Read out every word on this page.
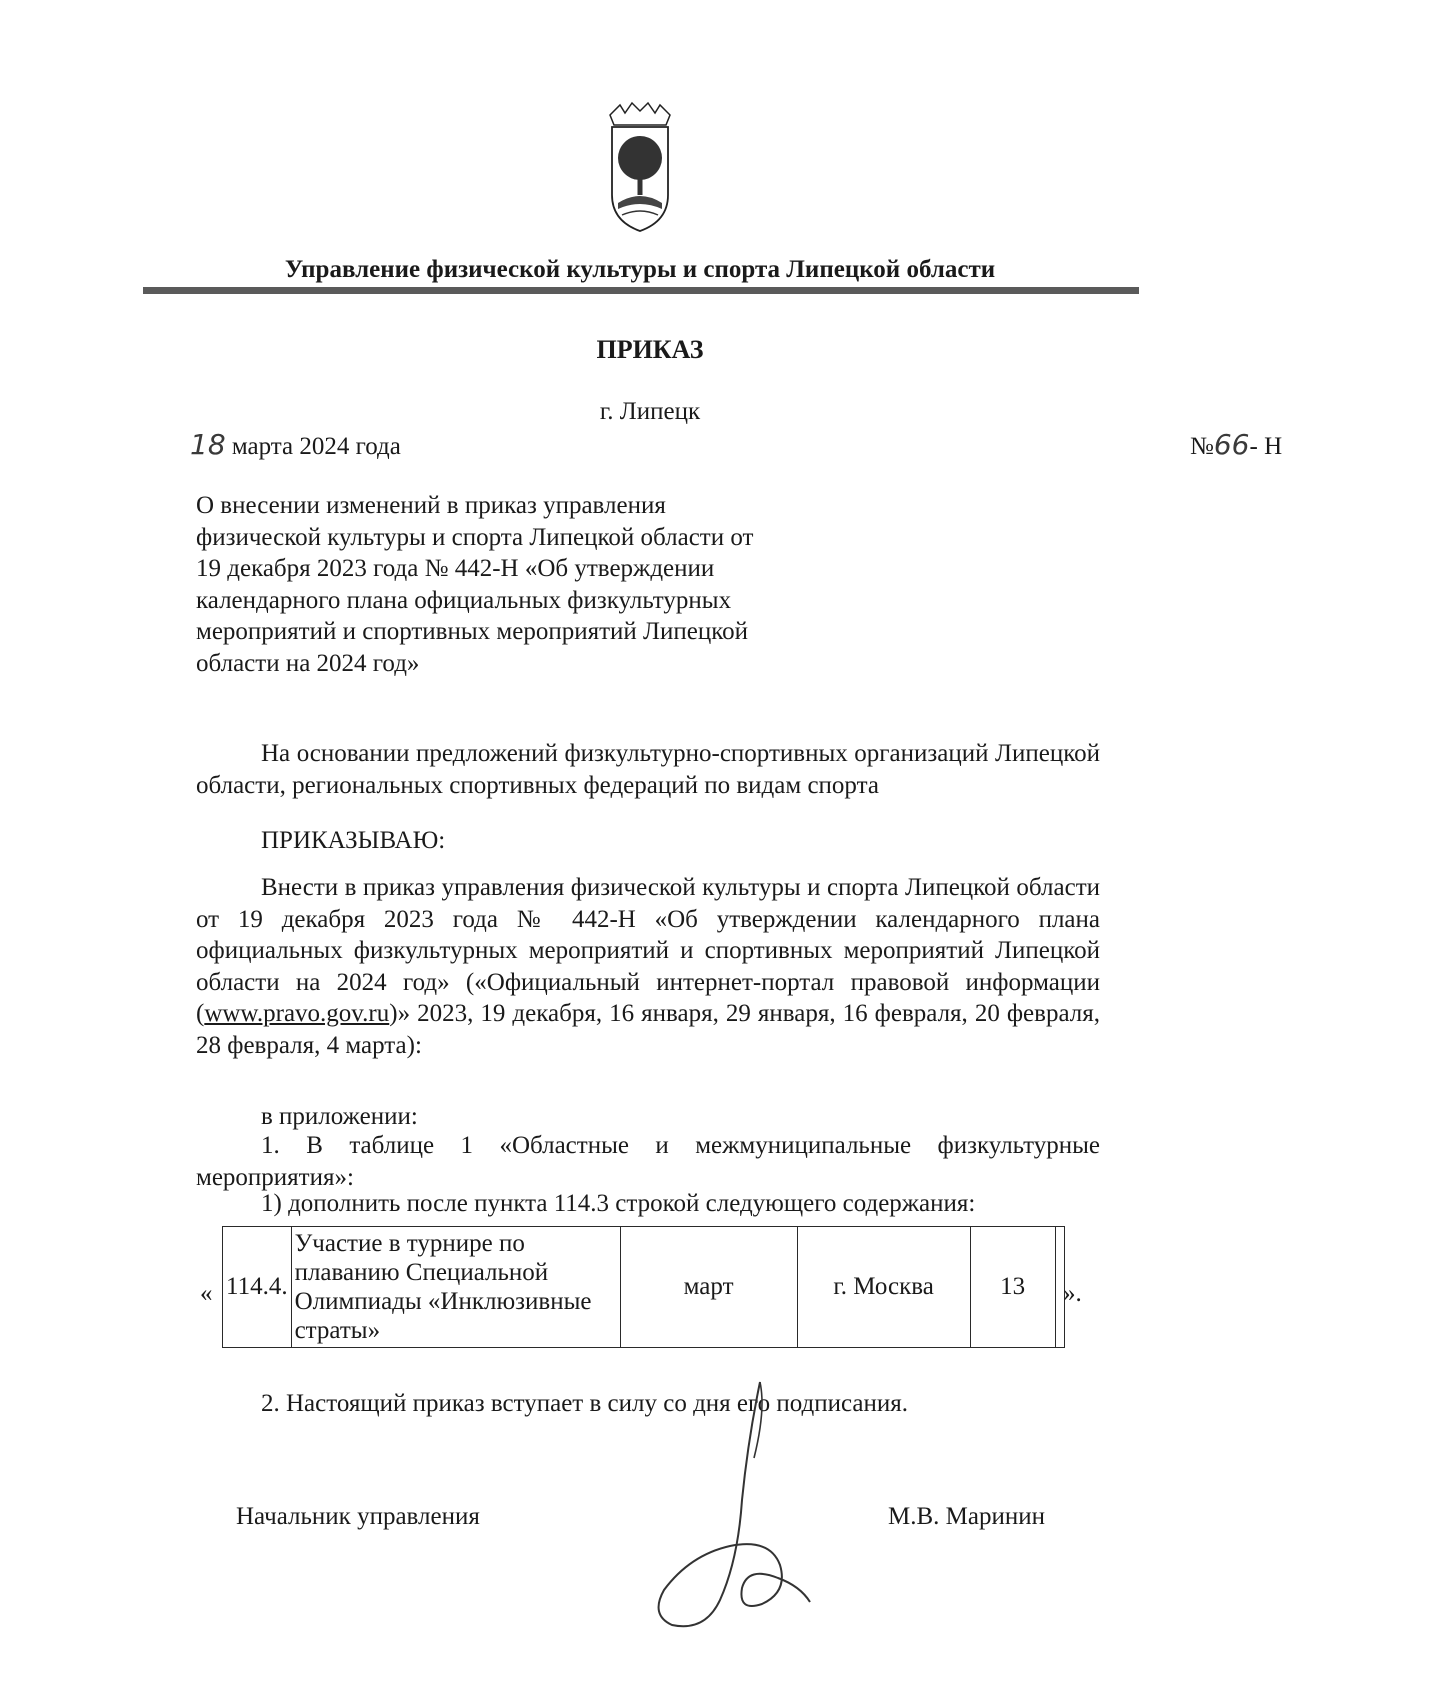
Управление физической культуры и спорта Липецкой области
ПРИКАЗ
г. Липецк
18 марта 2024 года	№66- Н
О внесении изменений в приказ управления физической культуры и спорта Липецкой области от 19 декабря 2023 года № 442-Н «Об утверждении календарного плана официальных физкультурных мероприятий и спортивных мероприятий Липецкой области на 2024 год»
На основании предложений физкультурно-спортивных организаций Липецкой области, региональных спортивных федераций по видам спорта
ПРИКАЗЫВАЮ:
Внести в приказ управления физической культуры и спорта Липецкой области от 19 декабря 2023 года № 442-Н «Об утверждении календарного плана официальных физкультурных мероприятий и спортивных мероприятий Липецкой области на 2024 год» («Официальный интернет-портал правовой информации (www.pravo.gov.ru)» 2023, 19 декабря, 16 января, 29 января, 16 февраля, 20 февраля, 28 февраля, 4 марта):
в приложении:
1. В таблице 1 «Областные и межмуниципальные физкультурные мероприятия»:
1) дополнить после пункта 114.3 строкой следующего содержания:
« 114.4.	Участие в турнире по плаванию Специальной Олимпиады «Инклюзивные страты»	март	г. Москва	13	».
2. Настоящий приказ вступает в силу со дня его подписания.
Начальник управления	М.В. Маринин
